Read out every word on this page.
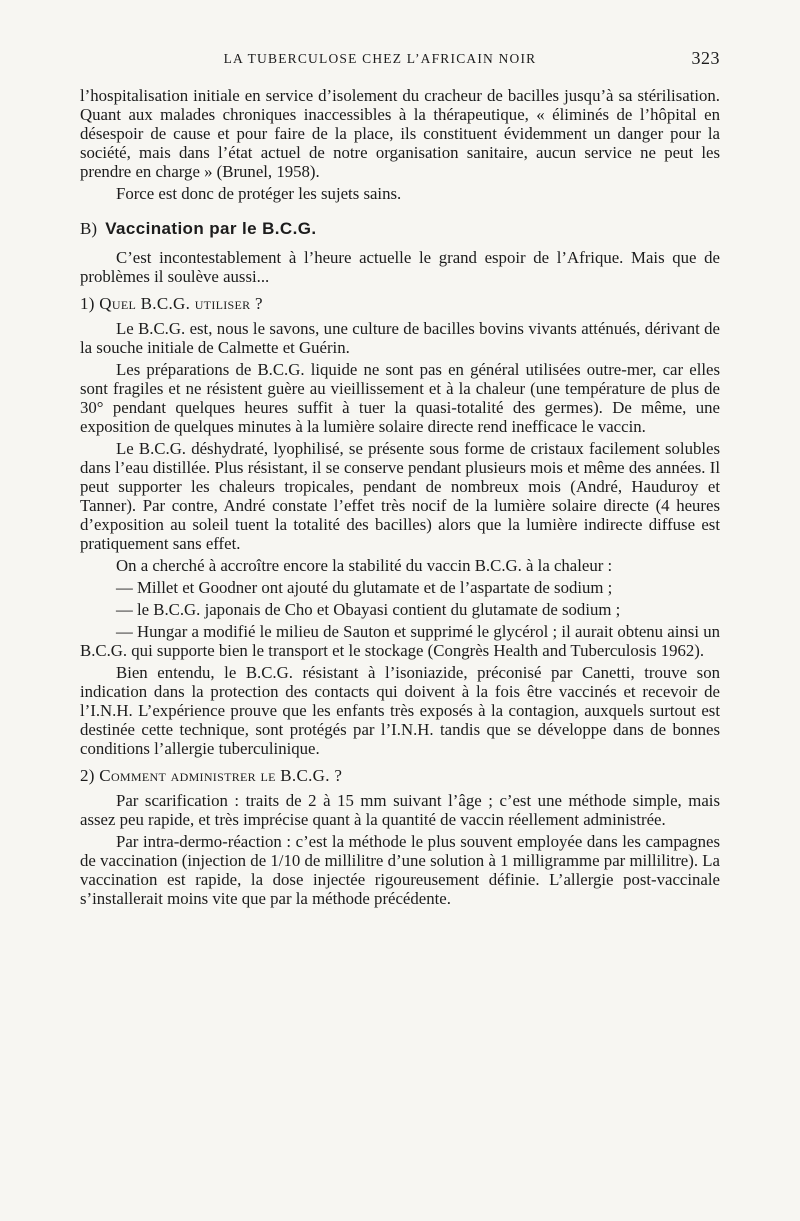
LA TUBERCULOSE CHEZ L’AFRICAIN NOIR	323

l’hospitalisation initiale en service d’isolement du cracheur de bacilles jusqu’à sa stérilisation. Quant aux malades chroniques inaccessibles à la thérapeutique, « éliminés de l’hôpital en désespoir de cause et pour faire de la place, ils constituent évidemment un danger pour la société, mais dans l’état actuel de notre organisation sanitaire, aucun service ne peut les prendre en charge » (Brunel, 1958).

Force est donc de protéger les sujets sains.

B) Vaccination par le B.C.G.

C’est incontestablement à l’heure actuelle le grand espoir de l’Afrique. Mais que de problèmes il soulève aussi...

1) Quel B.C.G. utiliser ?

Le B.C.G. est, nous le savons, une culture de bacilles bovins vivants atténués, dérivant de la souche initiale de Calmette et Guérin.

Les préparations de B.C.G. liquide ne sont pas en général utilisées outre-mer, car elles sont fragiles et ne résistent guère au vieillissement et à la chaleur (une température de plus de 30° pendant quelques heures suffit à tuer la quasi-totalité des germes). De même, une exposition de quelques minutes à la lumière solaire directe rend inefficace le vaccin.

Le B.C.G. déshydraté, lyophilisé, se présente sous forme de cristaux facilement solubles dans l’eau distillée. Plus résistant, il se conserve pendant plusieurs mois et même des années. Il peut supporter les chaleurs tropicales, pendant de nombreux mois (André, Hauduroy et Tanner). Par contre, André constate l’effet très nocif de la lumière solaire directe (4 heures d’exposition au soleil tuent la totalité des bacilles) alors que la lumière indirecte diffuse est pratiquement sans effet.

On a cherché à accroître encore la stabilité du vaccin B.C.G. à la chaleur :

— Millet et Goodner ont ajouté du glutamate et de l’aspartate de sodium ;

— le B.C.G. japonais de Cho et Obayasi contient du glutamate de sodium ;

— Hungar a modifié le milieu de Sauton et supprimé le glycérol ; il aurait obtenu ainsi un B.C.G. qui supporte bien le transport et le stockage (Congrès Health and Tuberculosis 1962).

Bien entendu, le B.C.G. résistant à l’isoniazide, préconisé par Canetti, trouve son indication dans la protection des contacts qui doivent à la fois être vaccinés et recevoir de l’I.N.H. L’expérience prouve que les enfants très exposés à la contagion, auxquels surtout est destinée cette technique, sont protégés par l’I.N.H. tandis que se développe dans de bonnes conditions l’allergie tuberculinique.

2) Comment administrer le B.C.G. ?

Par scarification : traits de 2 à 15 mm suivant l’âge ; c’est une méthode simple, mais assez peu rapide, et très imprécise quant à la quantité de vaccin réellement administrée.

Par intra-dermo-réaction : c’est la méthode le plus souvent employée dans les campagnes de vaccination (injection de 1/10 de millilitre d’une solution à 1 milligramme par millilitre). La vaccination est rapide, la dose injectée rigoureusement définie. L’allergie post-vaccinale s’installerait moins vite que par la méthode précédente.
